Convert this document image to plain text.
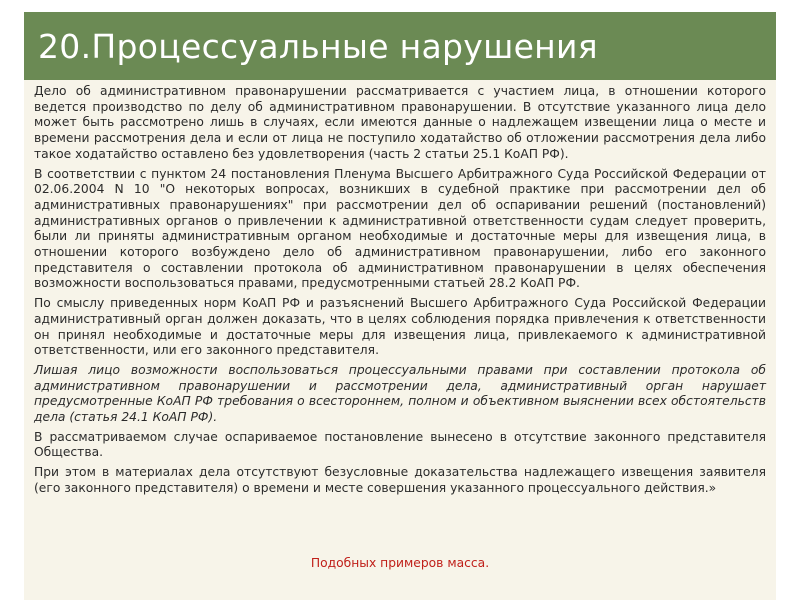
20.Процессуальные нарушения

Дело об административном правонарушении рассматривается с участием лица, в отношении которого ведется производство по делу об административном правонарушении. В отсутствие указанного лица дело может быть рассмотрено лишь в случаях, если имеются данные о надлежащем извещении лица о месте и времени рассмотрения дела и если от лица не поступило ходатайство об отложении рассмотрения дела либо такое ходатайство оставлено без удовлетворения (часть 2 статьи 25.1 КоАП РФ).

В соответствии с пунктом 24 постановления Пленума Высшего Арбитражного Суда Российской Федерации от 02.06.2004 N 10 "О некоторых вопросах, возникших в судебной практике при рассмотрении дел об административных правонарушениях" при рассмотрении дел об оспаривании решений (постановлений) административных органов о привлечении к административной ответственности судам следует проверить, были ли приняты административным органом необходимые и достаточные меры для извещения лица, в отношении которого возбуждено дело об административном правонарушении, либо его законного представителя о составлении протокола об административном правонарушении в целях обеспечения возможности воспользоваться правами, предусмотренными статьей 28.2 КоАП РФ.

По смыслу приведенных норм КоАП РФ и разъяснений Высшего Арбитражного Суда Российской Федерации административный орган должен доказать, что в целях соблюдения порядка привлечения к ответственности он принял необходимые и достаточные меры для извещения лица, привлекаемого к административной ответственности, или его законного представителя.

Лишая лицо возможности воспользоваться процессуальными правами при составлении протокола об административном правонарушении и рассмотрении дела, административный орган нарушает предусмотренные КоАП РФ требования о всестороннем, полном и объективном выяснении всех обстоятельств дела (статья 24.1 КоАП РФ).

В рассматриваемом случае оспариваемое постановление вынесено в отсутствие законного представителя Общества.

При этом в материалах дела отсутствуют безусловные доказательства надлежащего извещения заявителя (его законного представителя) о времени и месте совершения указанного процессуального действия.»

Подобных примеров масса.
